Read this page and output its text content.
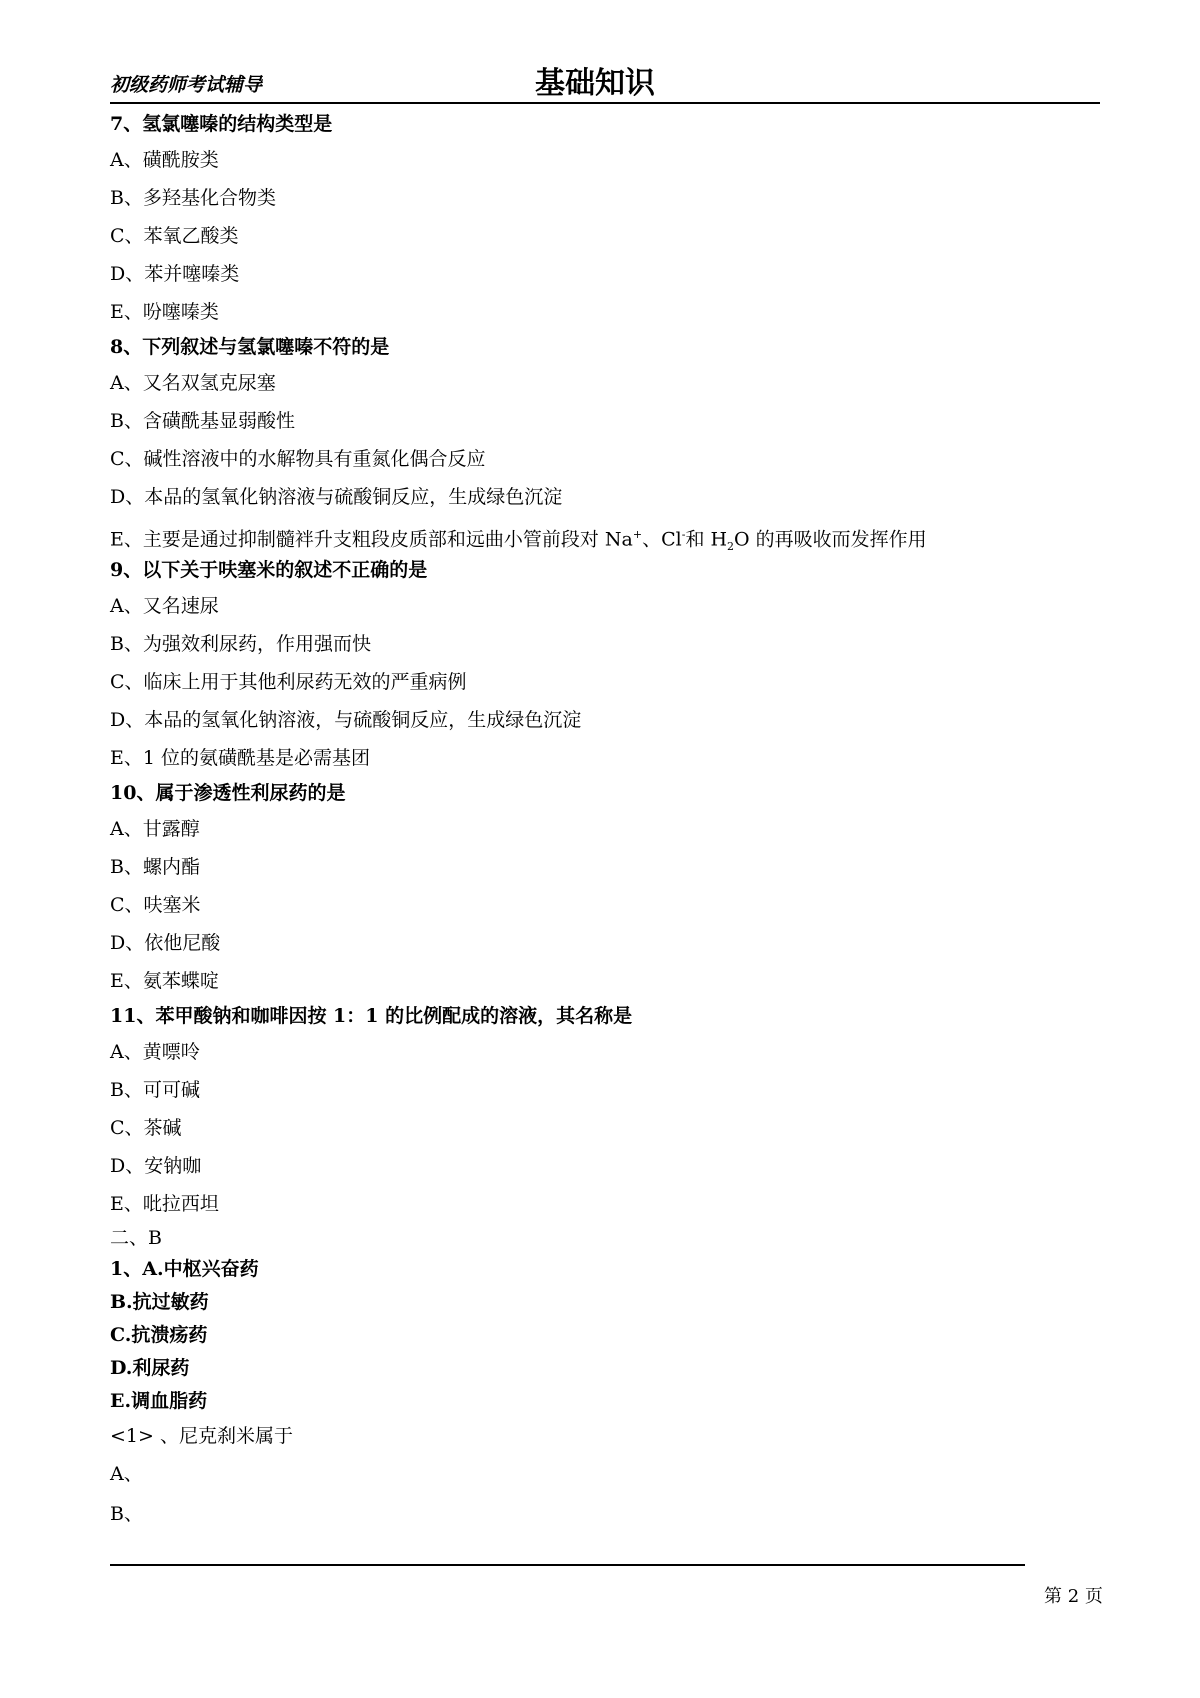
初级药师考试辅导	基础知识

7、氢氯噻嗪的结构类型是

A、磺酰胺类

B、多羟基化合物类

C、苯氧乙酸类

D、苯并噻嗪类

E、吩噻嗪类

8、下列叙述与氢氯噻嗪不符的是

A、又名双氢克尿塞

B、含磺酰基显弱酸性

C、碱性溶液中的水解物具有重氮化偶合反应

D、本品的氢氧化钠溶液与硫酸铜反应，生成绿色沉淀

E、主要是通过抑制髓袢升支粗段皮质部和远曲小管前段对 Na+、Cl-和 $H_2O$ 的再吸收而发挥作用

9、以下关于呋塞米的叙述不正确的是

A、又名速尿

B、为强效利尿药，作用强而快

C、临床上用于其他利尿药无效的严重病例

D、本品的氢氧化钠溶液，与硫酸铜反应，生成绿色沉淀

E、1 位的氨磺酰基是必需基团

10、属于渗透性利尿药的是

A、甘露醇

B、螺内酯

C、呋塞米

D、依他尼酸

E、氨苯蝶啶

11、苯甲酸钠和咖啡因按 1：1 的比例配成的溶液，其名称是

A、黄嘌呤

B、可可碱

C、茶碱

D、安钠咖

E、吡拉西坦

二、B

1、A.中枢兴奋药

B.抗过敏药

C.抗溃疡药

D.利尿药

E.调血脂药

<1> 、尼克刹米属于

A、

B、

第 2 页
